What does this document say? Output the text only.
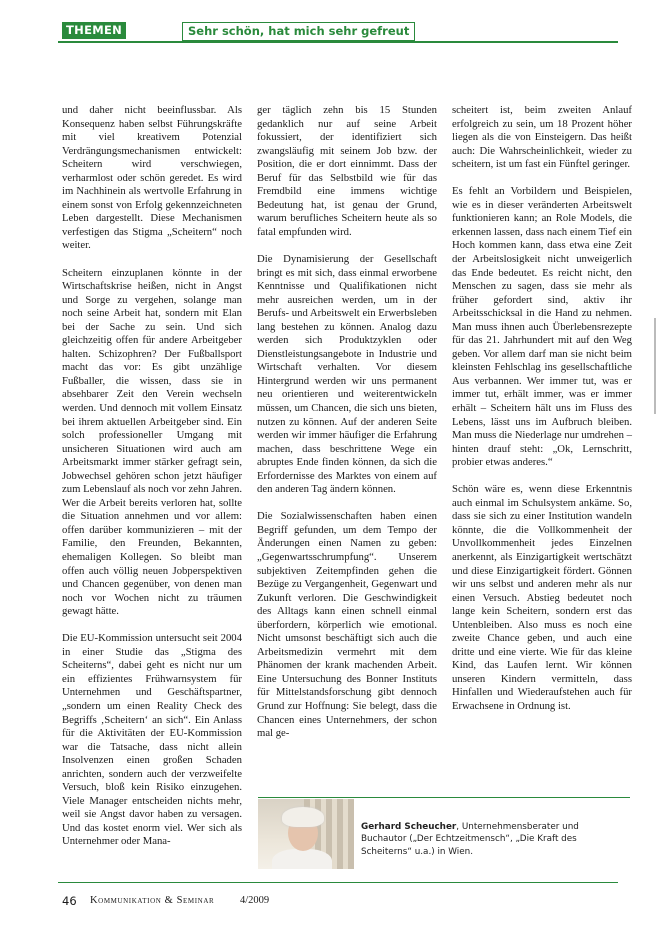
THEMEN	Sehr schön, hat mich sehr gefreut

und daher nicht beeinflussbar. Als Konsequenz haben selbst Führungskräfte mit viel kreativem Potenzial Verdrängungsmechanismen entwickelt: Scheitern wird verschwiegen, verharmlost oder schön geredet. Es wird im Nachhinein als wertvolle Erfahrung in einem sonst von Erfolg gekennzeichneten Leben dargestellt. Diese Mechanismen verfestigen das Stigma „Scheitern“ noch weiter.

Scheitern einzuplanen könnte in der Wirtschaftskrise heißen, nicht in Angst und Sorge zu vergehen, solange man noch seine Arbeit hat, sondern mit Elan bei der Sache zu sein. Und sich gleichzeitig offen für andere Arbeitgeber halten. Schizophren? Der Fußballsport macht das vor: Es gibt unzählige Fußballer, die wissen, dass sie in absehbarer Zeit den Verein wechseln werden. Und dennoch mit vollem Einsatz bei ihrem aktuellen Arbeitgeber sind. Ein solch professioneller Umgang mit unsicheren Situationen wird auch am Arbeitsmarkt immer stärker gefragt sein, Jobwechsel gehören schon jetzt häufiger zum Lebenslauf als noch vor zehn Jahren. Wer die Arbeit bereits verloren hat, sollte die Situation annehmen und vor allem: offen darüber kommunizieren – mit der Familie, den Freunden, Bekannten, ehemaligen Kollegen. So bleibt man offen auch völlig neuen Jobperspektiven und Chancen gegenüber, von denen man noch vor Wochen nicht zu träumen gewagt hätte.

Die EU-Kommission untersucht seit 2004 in einer Studie das „Stigma des Scheiterns“, dabei geht es nicht nur um ein effizientes Frühwarnsystem für Unternehmen und Geschäftspartner, „sondern um einen Reality Check des Begriffs ‚Scheitern‘ an sich“. Ein Anlass für die Aktivitäten der EU-Kommission war die Tatsache, dass nicht allein Insolvenzen einen großen Schaden anrichten, sondern auch der verzweifelte Versuch, bloß kein Risiko einzugehen. Viele Manager entscheiden nichts mehr, weil sie Angst davor haben zu versagen. Und das kostet enorm viel. Wer sich als Unternehmer oder Mana-

ger täglich zehn bis 15 Stunden gedanklich nur auf seine Arbeit fokussiert, der identifiziert sich zwangsläufig mit seinem Job bzw. der Position, die er dort einnimmt. Dass der Beruf für das Selbstbild wie für das Fremdbild eine immens wichtige Bedeutung hat, ist genau der Grund, warum berufliches Scheitern heute als so fatal empfunden wird.

Die Dynamisierung der Gesellschaft bringt es mit sich, dass einmal erworbene Kenntnisse und Qualifikationen nicht mehr ausreichen werden, um in der Berufs- und Arbeitswelt ein Erwerbsleben lang bestehen zu können. Analog dazu werden sich Produktzyklen oder Dienstleistungsangebote in Industrie und Wirtschaft verhalten. Vor diesem Hintergrund werden wir uns permanent neu orientieren und weiterentwickeln müssen, um Chancen, die sich uns bieten, nutzen zu können. Auf der anderen Seite werden wir immer häufiger die Erfahrung machen, dass beschrittene Wege ein abruptes Ende finden können, da sich die Erfordernisse des Marktes von einem auf den anderen Tag ändern können.

Die Sozialwissenschaften haben einen Begriff gefunden, um dem Tempo der Änderungen einen Namen zu geben: „Gegenwartsschrumpfung“. Unserem subjektiven Zeitempfinden gehen die Bezüge zu Vergangenheit, Gegenwart und Zukunft verloren. Die Geschwindigkeit des Alltags kann einen schnell einmal überfordern, körperlich wie emotional. Nicht umsonst beschäftigt sich auch die Arbeitsmedizin vermehrt mit dem Phänomen der krank machenden Arbeit. Eine Untersuchung des Bonner Instituts für Mittelstandsforschung gibt dennoch Grund zur Hoffnung: Sie belegt, dass die Chancen eines Unternehmers, der schon mal ge-

scheitert ist, beim zweiten Anlauf erfolgreich zu sein, um 18 Prozent höher liegen als die von Einsteigern. Das heißt auch: Die Wahrscheinlichkeit, wieder zu scheitern, ist um fast ein Fünftel geringer.

Es fehlt an Vorbildern und Beispielen, wie es in dieser veränderten Arbeitswelt funktionieren kann; an Role Models, die erkennen lassen, dass nach einem Tief ein Hoch kommen kann, dass etwa eine Zeit der Arbeitslosigkeit nicht unweigerlich das Ende bedeutet. Es reicht nicht, den Menschen zu sagen, dass sie mehr als früher gefordert sind, aktiv ihr Arbeitsschicksal in die Hand zu nehmen. Man muss ihnen auch Überlebensrezepte für das 21. Jahrhundert mit auf den Weg geben. Vor allem darf man sie nicht beim kleinsten Fehlschlag ins gesellschaftliche Aus verbannen. Wer immer tut, was er immer tut, erhält immer, was er immer erhält – Scheitern hält uns im Fluss des Lebens, lässt uns im Aufbruch bleiben. Man muss die Niederlage nur umdrehen – hinten drauf steht: „Ok, Lernschritt, probier etwas anderes.“

Schön wäre es, wenn diese Erkenntnis auch einmal im Schulsystem ankäme. So, dass sie sich zu einer Institution wandeln könnte, die die Vollkommenheit der Unvollkommenheit jedes Einzelnen anerkennt, als Einzigartigkeit wertschätzt und diese Einzigartigkeit fördert. Gönnen wir uns selbst und anderen mehr als nur einen Versuch. Abstieg bedeutet noch lange kein Scheitern, sondern erst das Untenbleiben. Also muss es noch eine zweite Chance geben, und auch eine dritte und eine vierte. Wie für das kleine Kind, das Laufen lernt. Wir können unseren Kindern vermitteln, dass Hinfallen und Wiederaufstehen auch für Erwachsene in Ordnung ist.

Gerhard Scheucher, Unternehmensberater und Buchautor („Der Echtzeitmensch“, „Die Kraft des Scheiterns“ u.a.) in Wien.
46 Kommunikation & Seminar 4/2009
